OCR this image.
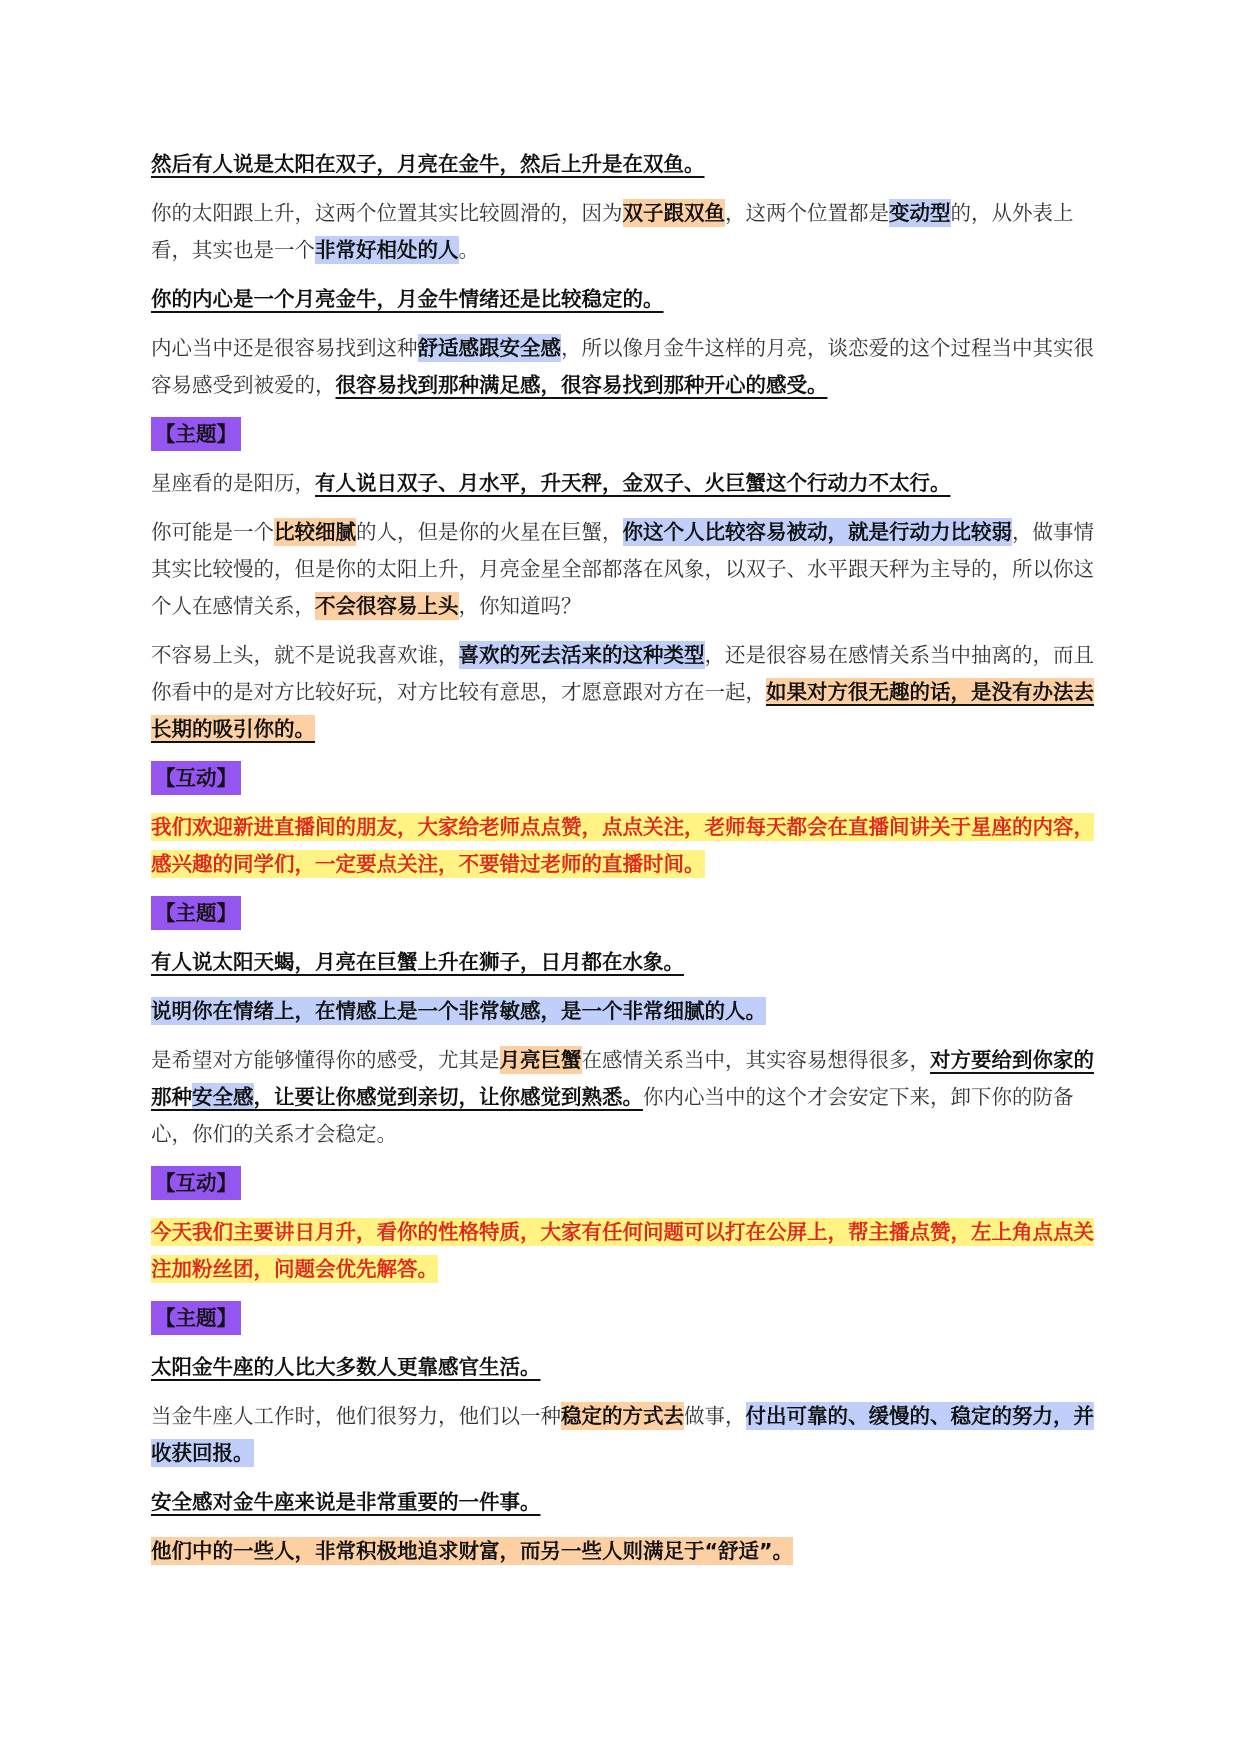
然后有人说是太阳在双子，月亮在金牛，然后上升是在双鱼。

你的太阳跟上升，这两个位置其实比较圆滑的，因为双子跟双鱼，这两个位置都是变动型的，从外表上看，其实也是一个非常好相处的人。

你的内心是一个月亮金牛，月金牛情绪还是比较稳定的。

内心当中还是很容易找到这种舒适感跟安全感，所以像月金牛这样的月亮，谈恋爱的这个过程当中其实很容易感受到被爱的，很容易找到那种满足感，很容易找到那种开心的感受。

【主题】

星座看的是阳历，有人说日双子、月水平，升天秤，金双子、火巨蟹这个行动力不太行。

你可能是一个比较细腻的人，但是你的火星在巨蟹，你这个人比较容易被动，就是行动力比较弱，做事情其实比较慢的，但是你的太阳上升，月亮金星全部都落在风象，以双子、水平跟天秤为主导的，所以你这个人在感情关系，不会很容易上头，你知道吗？

不容易上头，就不是说我喜欢谁，喜欢的死去活来的这种类型，还是很容易在感情关系当中抽离的，而且你看中的是对方比较好玩，对方比较有意思，才愿意跟对方在一起，如果对方很无趣的话，是没有办法去长期的吸引你的。

【互动】

我们欢迎新进直播间的朋友，大家给老师点点赞，点点关注，老师每天都会在直播间讲关于星座的内容，感兴趣的同学们，一定要点关注，不要错过老师的直播时间。

【主题】

有人说太阳天蝎，月亮在巨蟹上升在狮子，日月都在水象。

说明你在情绪上，在情感上是一个非常敏感，是一个非常细腻的人。

是希望对方能够懂得你的感受，尤其是月亮巨蟹在感情关系当中，其实容易想得很多，对方要给到你家的那种安全感，让要让你感觉到亲切，让你感觉到熟悉。你内心当中的这个才会安定下来，卸下你的防备心，你们的关系才会稳定。

【互动】

今天我们主要讲日月升，看你的性格特质，大家有任何问题可以打在公屏上，帮主播点赞，左上角点点关注加粉丝团，问题会优先解答。

【主题】

太阳金牛座的人比大多数人更靠感官生活。

当金牛座人工作时，他们很努力，他们以一种稳定的方式去做事，付出可靠的、缓慢的、稳定的努力，并收获回报。

安全感对金牛座来说是非常重要的一件事。

他们中的一些人，非常积极地追求财富，而另一些人则满足于“舒适”。
